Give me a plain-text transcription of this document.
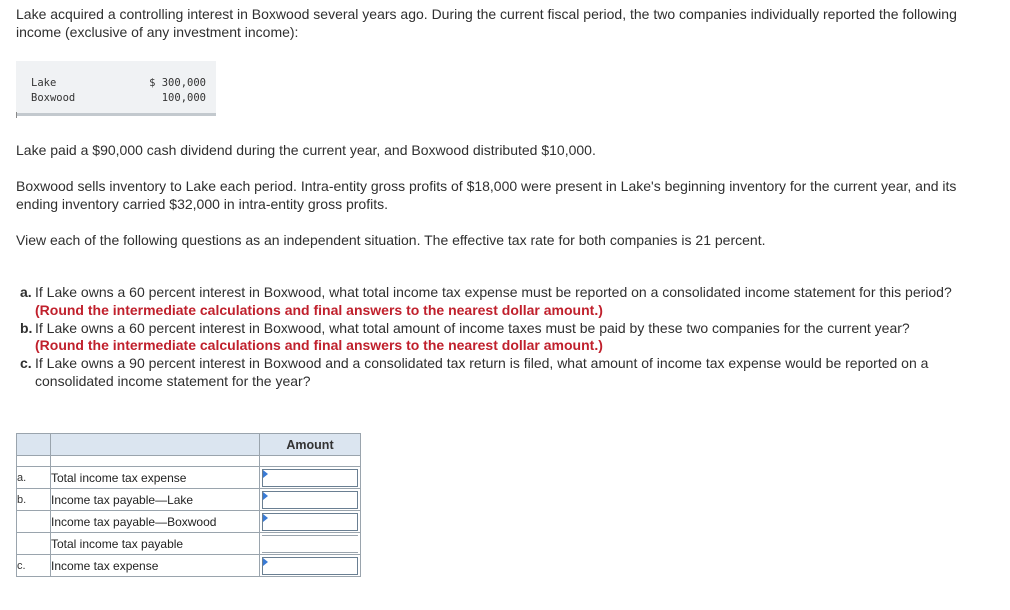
Lake acquired a controlling interest in Boxwood several years ago. During the current fiscal period, the two companies individually reported the following income (exclusive of any investment income):

Lake	$ 300,000
Boxwood	100,000

Lake paid a $90,000 cash dividend during the current year, and Boxwood distributed $10,000.

Boxwood sells inventory to Lake each period. Intra-entity gross profits of $18,000 were present in Lake's beginning inventory for the current year, and its ending inventory carried $32,000 in intra-entity gross profits.

View each of the following questions as an independent situation. The effective tax rate for both companies is 21 percent.

a. If Lake owns a 60 percent interest in Boxwood, what total income tax expense must be reported on a consolidated income statement for this period? (Round the intermediate calculations and final answers to the nearest dollar amount.)

b. If Lake owns a 60 percent interest in Boxwood, what total amount of income taxes must be paid by these two companies for the current year? (Round the intermediate calculations and final answers to the nearest dollar amount.)

c. If Lake owns a 90 percent interest in Boxwood and a consolidated tax return is filed, what amount of income tax expense would be reported on a consolidated income statement for the year?

		Amount

a.	Total income tax expense	

b.	Income tax payable—Lake	

	Income tax payable—Boxwood	

	Total income tax payable	

c.	Income tax expense	
